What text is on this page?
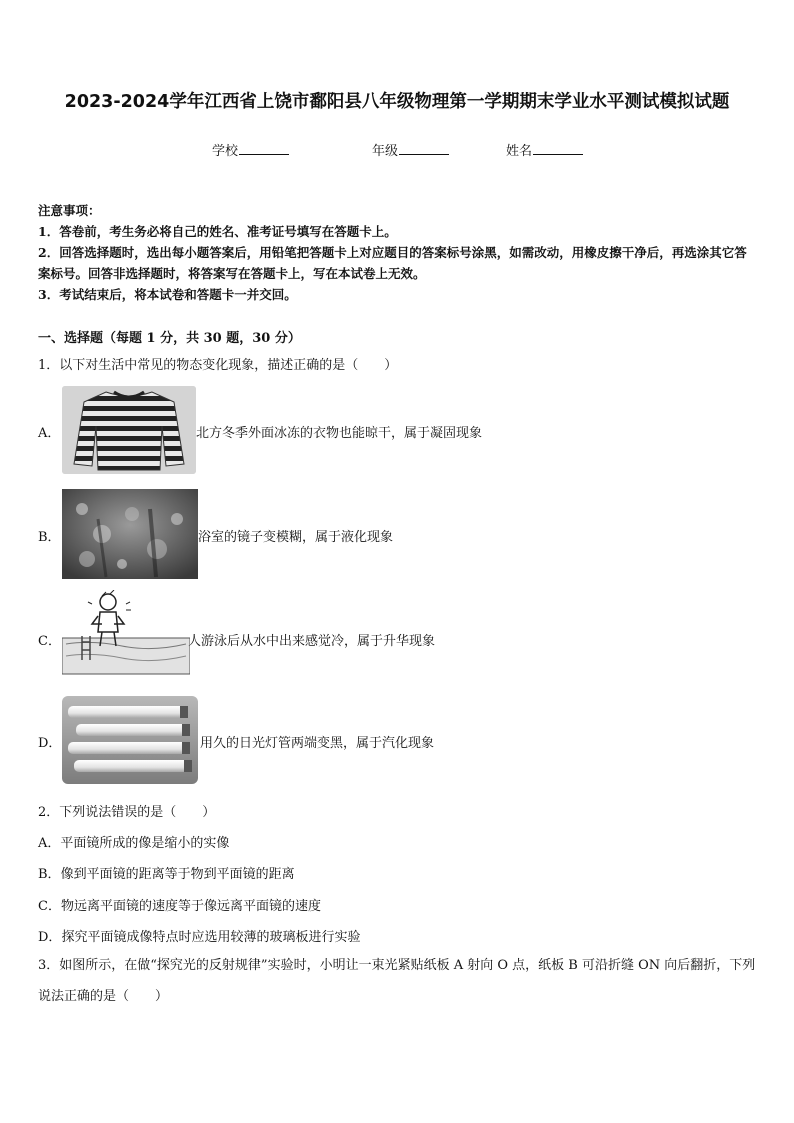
2023-2024学年江西省上饶市鄱阳县八年级物理第一学期期末学业水平测试模拟试题
学校	年级	姓名
注意事项：
1．答卷前，考生务必将自己的姓名、准考证号填写在答题卡上。
2．回答选择题时，选出每小题答案后，用铅笔把答题卡上对应题目的答案标号涂黑，如需改动，用橡皮擦干净后，再选涂其它答案标号。回答非选择题时，将答案写在答题卡上，写在本试卷上无效。
3．考试结束后，将本试卷和答题卡一并交回。
一、选择题（每题 1 分，共 30 题，30 分）
1．以下对生活中常见的物态变化现象，描述正确的是（　　）
A．	北方冬季外面冰冻的衣物也能晾干，属于凝固现象
B．	浴室的镜子变模糊，属于液化现象
C．	人游泳后从水中出来感觉冷，属于升华现象
D．	用久的日光灯管两端变黑，属于汽化现象
2．下列说法错误的是（　　）
A．平面镜所成的像是缩小的实像
B．像到平面镜的距离等于物到平面镜的距离
C．物远离平面镜的速度等于像远离平面镜的速度
D．探究平面镜成像特点时应选用较薄的玻璃板进行实验
3．如图所示，在做“探究光的反射规律”实验时，小明让一束光紧贴纸板 A 射向 O 点，纸板 B 可沿折缝 ON 向后翻折，下列说法正确的是（　　）
